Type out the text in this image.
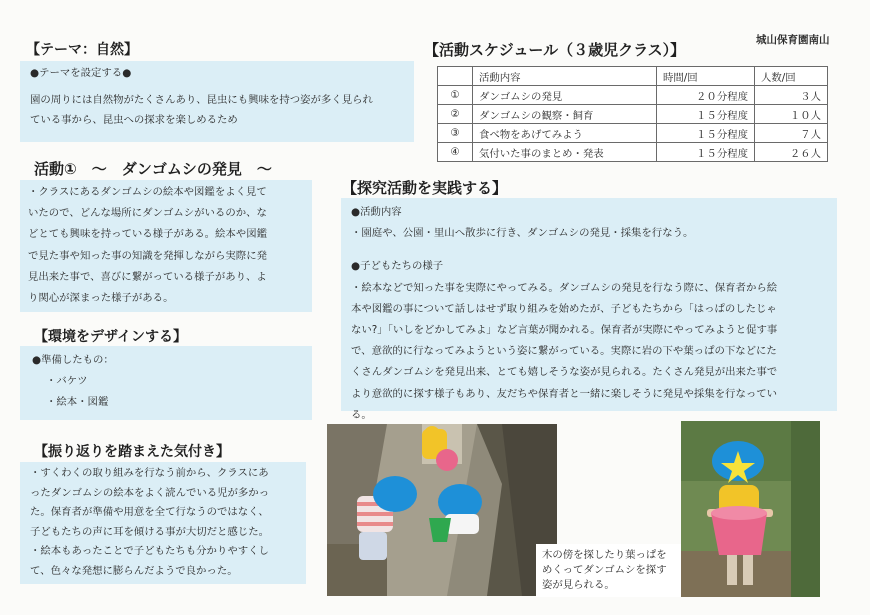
城山保育園南山
【テーマ：自然】
●テーマを設定する●
園の周りには自然物がたくさんあり、昆虫にも興味を持つ姿が多く見られ
ている事から、昆虫への探求を楽しめるため
活動①　～　ダンゴムシの発見　～
・クラスにあるダンゴムシの絵本や図鑑をよく見て
いたので、どんな場所にダンゴムシがいるのか、な
どとても興味を持っている様子がある。絵本や図鑑
で見た事や知った事の知識を発揮しながら実際に発
見出来た事で、喜びに繋がっている様子があり、よ
り関心が深まった様子がある。
【環境をデザインする】
●準備したもの：
・バケツ
・絵本・図鑑
【振り返りを踏まえた気付き】
・すくわくの取り組みを行なう前から、クラスにあ
ったダンゴムシの絵本をよく読んでいる児が多かっ
た。保育者が準備や用意を全て行なうのではなく、
子どもたちの声に耳を傾ける事が大切だと感じた。
・絵本もあったことで子どもたちも分かりやすくし
て、色々な発想に膨らんだようで良かった。
【活動スケジュール（３歳児クラス）】
	活動内容	時間/回	人数/回
①	ダンゴムシの発見	２０分程度	３人
②	ダンゴムシの観察・飼育	１５分程度	１０人
③	食べ物をあげてみよう	１５分程度	７人
④	気付いた事のまとめ・発表	１５分程度	２６人
【探究活動を実践する】
●活動内容
・園庭や、公園・里山へ散歩に行き、ダンゴムシの発見・採集を行なう。
●子どもたちの様子
・絵本などで知った事を実際にやってみる。ダンゴムシの発見を行なう際に、保育者から絵
本や図鑑の事について話しはせず取り組みを始めたが、子どもたちから「はっぱのしたじゃ
ない?」「いしをどかしてみよ」など言葉が聞かれる。保育者が実際にやってみようと促す事
で、意欲的に行なってみようという姿に繋がっている。実際に岩の下や葉っぱの下などにた
くさんダンゴムシを発見出来、とても嬉しそうな姿が見られる。たくさん発見が出来た事で
より意欲的に探す様子もあり、友だちや保育者と一緒に楽しそうに発見や採集を行なってい
る。
木の傍を探したり葉っぱを
めくってダンゴムシを探す
姿が見られる。
